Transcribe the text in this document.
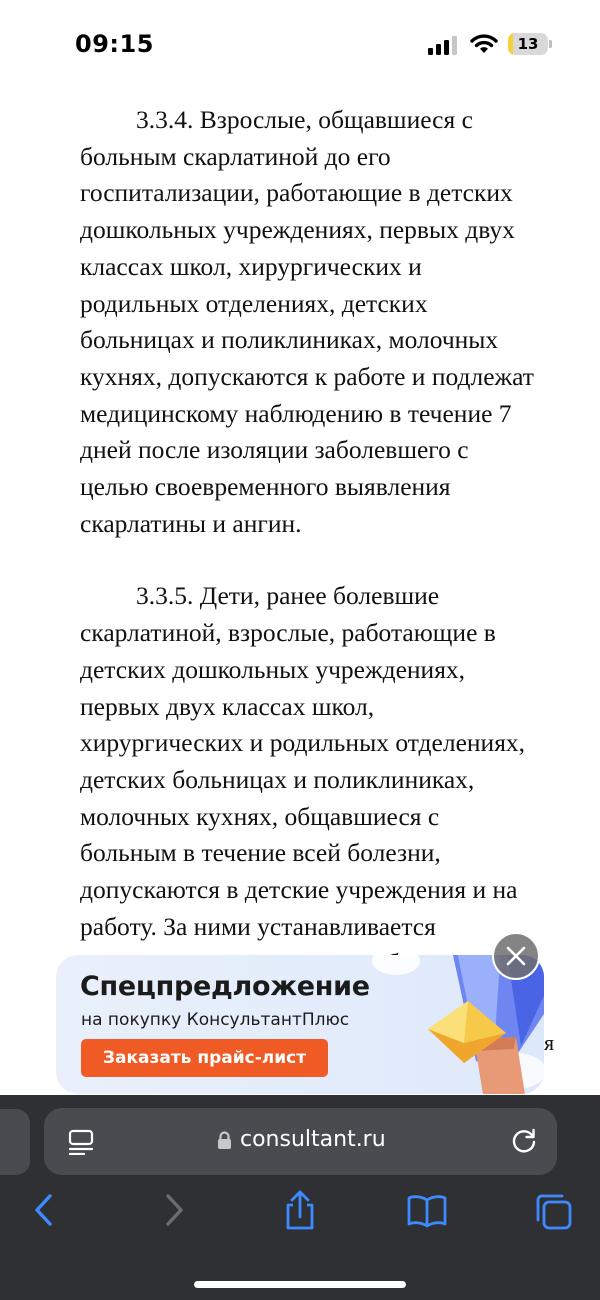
09:15	13
3.3.4. Взрослые, общавшиеся с
больным скарлатиной до его
госпитализации, работающие в детских
дошкольных учреждениях, первых двух
классах школ, хирургических и
родильных отделениях, детских
больницах и поликлиниках, молочных
кухнях, допускаются к работе и подлежат
медицинскому наблюдению в течение 7
дней после изоляции заболевшего с
целью своевременного выявления
скарлатины и ангин.
3.3.5. Дети, ранее болевшие
скарлатиной, взрослые, работающие в
детских дошкольных учреждениях,
первых двух классах школ,
хирургических и родильных отделениях,
детских больницах и поликлиниках,
молочных кухнях, общавшиеся с
больным в течение всей болезни,
допускаются в детские учреждения и на
работу. За ними устанавливается
я
Спецпредложение
на покупку КонсультантПлюс
Заказать прайс-лист
consultant.ru
